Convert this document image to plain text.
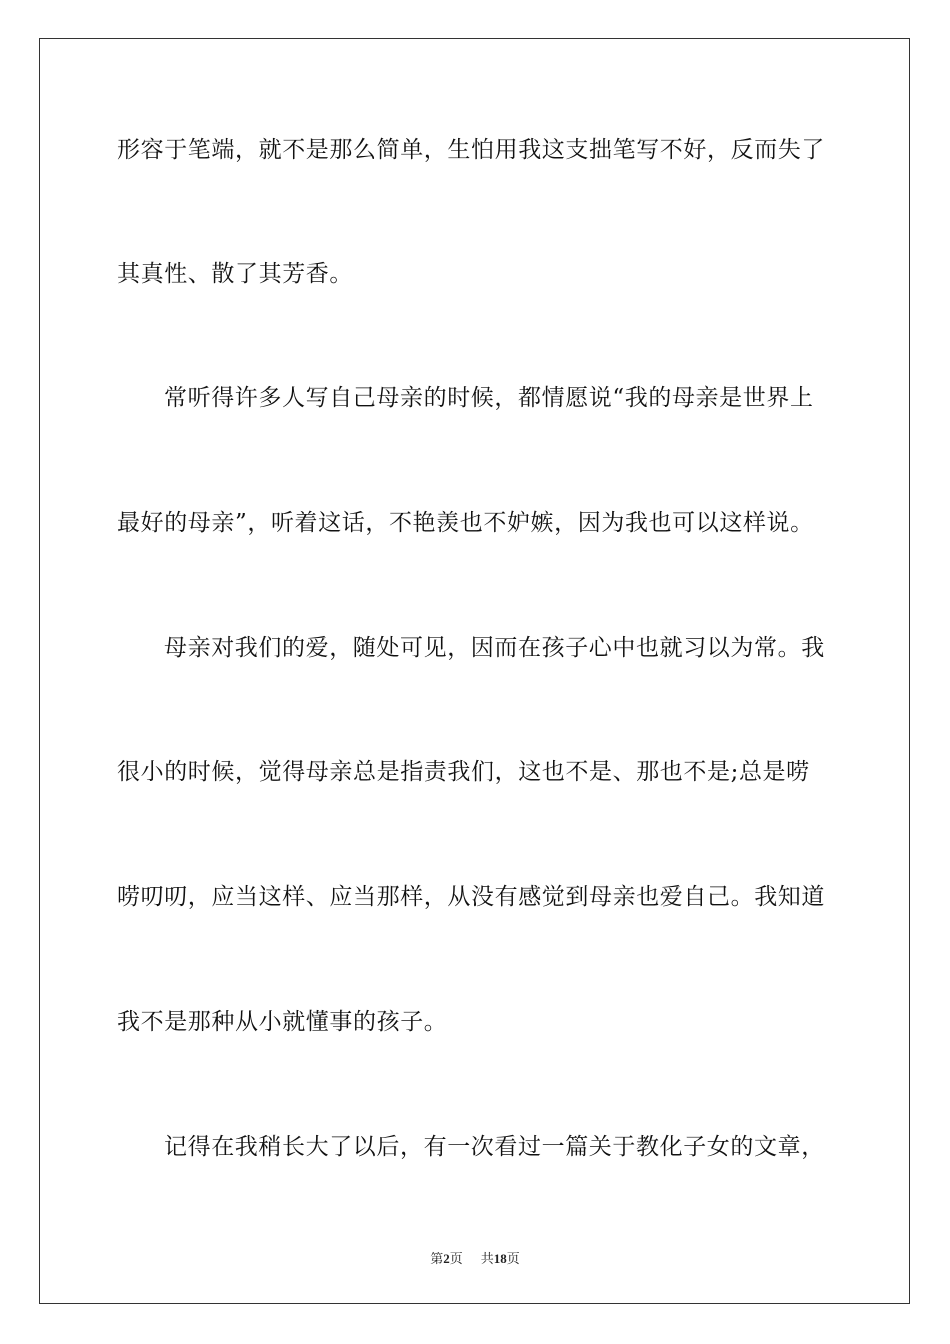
形容于笔端，就不是那么简单，生怕用我这支拙笔写不好，反而失了
其真性、散了其芳香。
常听得许多人写自己母亲的时候，都情愿说“我的母亲是世界上
最好的母亲”，听着这话，不艳羡也不妒嫉，因为我也可以这样说。
母亲对我们的爱，随处可见，因而在孩子心中也就习以为常。我
很小的时候，觉得母亲总是指责我们，这也不是、那也不是;总是唠
唠叨叨，应当这样、应当那样，从没有感觉到母亲也爱自己。我知道
我不是那种从小就懂事的孩子。
记得在我稍长大了以后，有一次看过一篇关于教化子女的文章，
第2页 共18页
